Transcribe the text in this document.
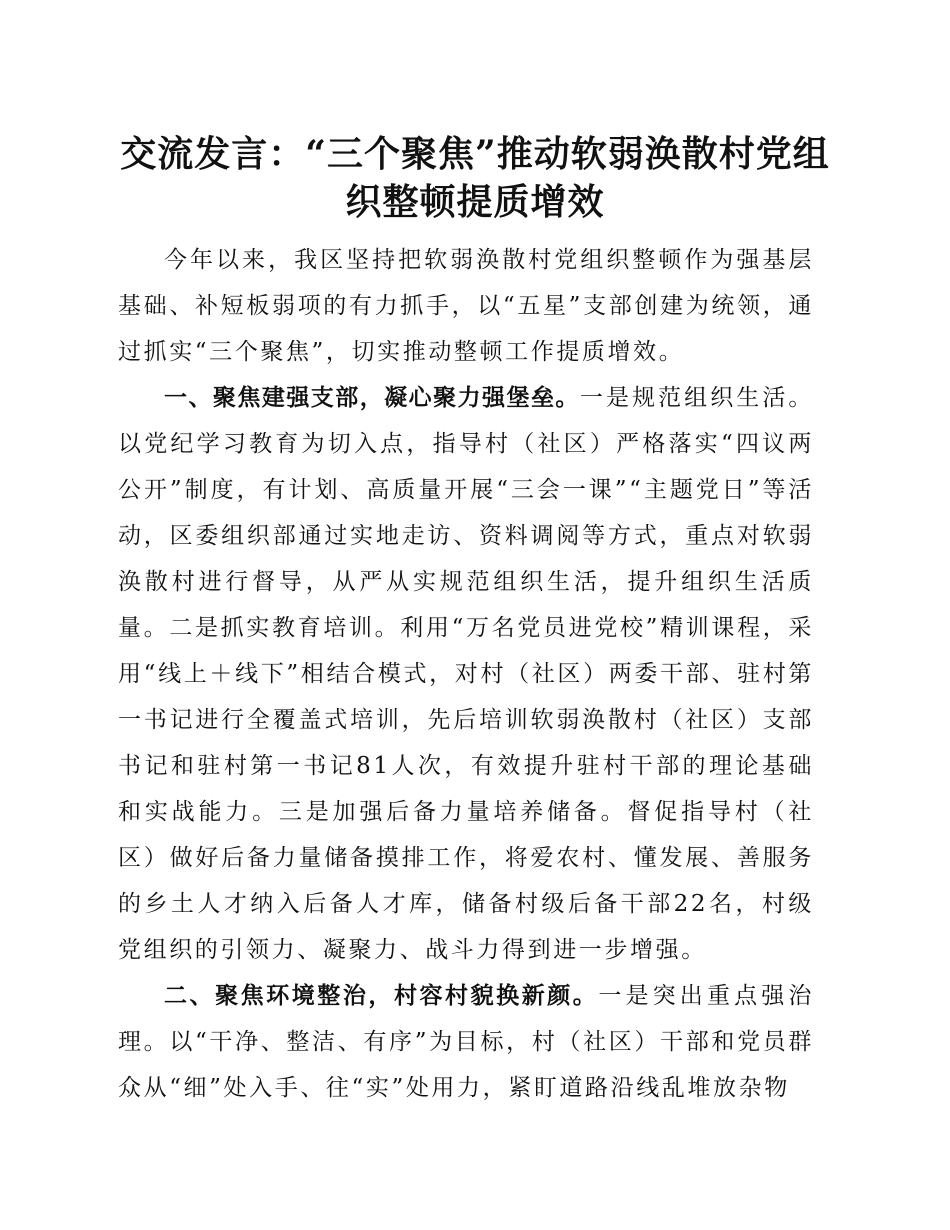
交流发言：“三个聚焦”推动软弱涣散村党组织整顿提质增效

今年以来，我区坚持把软弱涣散村党组织整顿作为强基层基础、补短板弱项的有力抓手，以“五星”支部创建为统领，通过抓实“三个聚焦”，切实推动整顿工作提质增效。

一、聚焦建强支部，凝心聚力强堡垒。一是规范组织生活。以党纪学习教育为切入点，指导村（社区）严格落实“四议两公开”制度，有计划、高质量开展“三会一课”“主题党日”等活动，区委组织部通过实地走访、资料调阅等方式，重点对软弱涣散村进行督导，从严从实规范组织生活，提升组织生活质量。二是抓实教育培训。利用“万名党员进党校”精训课程，采用“线上＋线下”相结合模式，对村（社区）两委干部、驻村第一书记进行全覆盖式培训，先后培训软弱涣散村（社区）支部书记和驻村第一书记81人次，有效提升驻村干部的理论基础和实战能力。三是加强后备力量培养储备。督促指导村（社区）做好后备力量储备摸排工作，将爱农村、懂发展、善服务的乡土人才纳入后备人才库，储备村级后备干部22名，村级党组织的引领力、凝聚力、战斗力得到进一步增强。

二、聚焦环境整治，村容村貌换新颜。一是突出重点强治理。以“干净、整洁、有序”为目标，村（社区）干部和党员群众从“细”处入手、往“实”处用力，紧盯道路沿线乱堆放杂物
